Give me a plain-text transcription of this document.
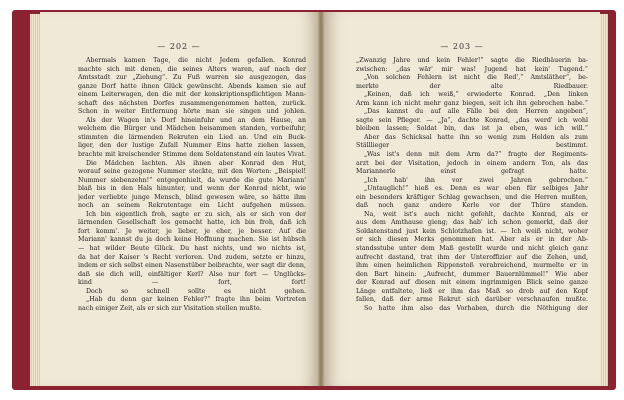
— 202 —
Abermals kamen Tage, die nicht Jedem gefallen. Konrad
machte sich mit denen, die seines Alters waren, auf nach der
Amtsstadt zur „Ziehung“. Zu Fuß warren sie ausgezogen, das
ganze Dorf hatte ihnen Glück gewünscht. Abends kamen sie auf
einem Leiterwagen, den die mit der konskriptionspflichtigen Mann-
schaft des nächsten Dorfes zusammengenommen hatten, zurück.
Schon in weiter Entfernung hörte man sie singen und johlen.
Als der Wagen in's Dorf hineinfuhr und an dem Hause, an
welchem die Bürger und Mädchen beisammen standen, vorbeifuhr,
stimmten die lärmenden Rekruten ein Lied an. Und ein Buck-
liger, den der lustige Zufall Nummer Eins hatte ziehen lassen,
brachte mit kreischender Stimme dem Soldatenstand ein lautes Vivat.
Die Mädchen lachten. Als ihnen aber Konrad den Hut,
worauf seine gezogene Nummer steckte, mit den Worten: „Beispiel!
Nummer siebenzehn!“ entgegenhielt, da wurde die gute Mariann'
blaß bis in den Hals hinunter, und wenn der Konrad nicht, wie
jeder verliebte junge Mensch, blind gewesen wäre, so hätte ihm
noch an seinem Rekrutentage ein Licht aufgehen müssen.
Ich bin eigentlich froh, sagte er zu sich, als er sich von der
lärmenden Gesellschaft los gemacht hatte, ich bin froh, daß ich
fort komm'. Je weiter, je lieber, je eher, je besser. Auf die
Mariann' kannst du ja doch keine Hoffnung machen. Sie ist hübsch
— hat wilder Beute Glück. Du hast nichts, und wo nichts ist,
da hat der Kaiser 's Recht verloren. Und zudem, setzte er hinzu,
indem er sich selbst einen Nasenstüber beibrachte, wer sagt dir denn,
daß sie dich will, einfältiger Kerl? Also nur fort — Unglücks-
kind — fort, fort!
Doch so schnell sollte es nicht gehen.
„Hab du denn gar keinen Fehler?“ fragte ihn beim Vortreten
nach einiger Zeit, als er sich zur Visitation stellen mußte.
— 203 —
„Zwanzig Jahre und kein Fehler!“ sagte die Riedbäuerin ba-
zwischen: „das wär' mir was! Jugend hat kein' Tugend.“
„Von solchen Fehlern ist nicht die Red',“ Amtsläther“, be-
merkte der alte Riedbauer.
„Keinen, daß ich weiß,“ erwiederte Konrad. „Den linken
Arm kann ich nicht mehr ganz biegen, seit ich ihn gebrochen habe.“
„Das kannst du auf alle Fälle bei den Herren angeben“,
sagte sein Pfleger. — „Ja“, dachte Konrad, „das werd' ich wohl
bleiben lassen; Soldat bin, das ist ja eben, was ich will.“
Aber das Schicksal hatte ihn so wenig zum Helden als zum
Ställlieger bestimmt.
„Was ist's denn mit dem Arm da?“ fragte der Regiments-
arzt bei der Visitation, jedoch in einem andern Ton, als das
Mariannerle einst gefragt hatte.
„Ich hab' ihn vor zwei Jahren gebrochen.“
„Untauglich!“ hieß es. Denn es war eben für selbiges Jahr
ein besonders kräftiger Schlag gewachsen, und die Herren mußten,
daß noch ganz andere Kerle vor der Thüre standen.
Na, weit ist's auch nicht gefehlt, dachte Konrad, als er
aus dem Amthause gieng; das hab' ich schon gemerkt, daß der
Soldatenstand just kein Schlotzhafen ist. — Ich weiß nicht, woher
er sich diesen Merks genommen hat. Aber als er in der Ab-
standsstube unter dem Maß gestellt wurde und nicht gleich ganz
aufrecht dastand, trat ihm der Unteroffizier auf die Zehen, und,
ihm einen heimlichen Rippenstoß verabreichend, murmelte er in
den Bart hinein: „Aufrecht, dummer Bauernlümmel!“ Wie aber
der Konrad auf diesen mit einem ingrimmigen Blick seine ganze
Länge entfaltete, ließ er ihm das Maß so drob auf den Kopf
fallen, daß der arme Rekrut sich darüber verschnaufen mußte.
So hatte ihm also das Vorhaben, durch die Nöthigung der
